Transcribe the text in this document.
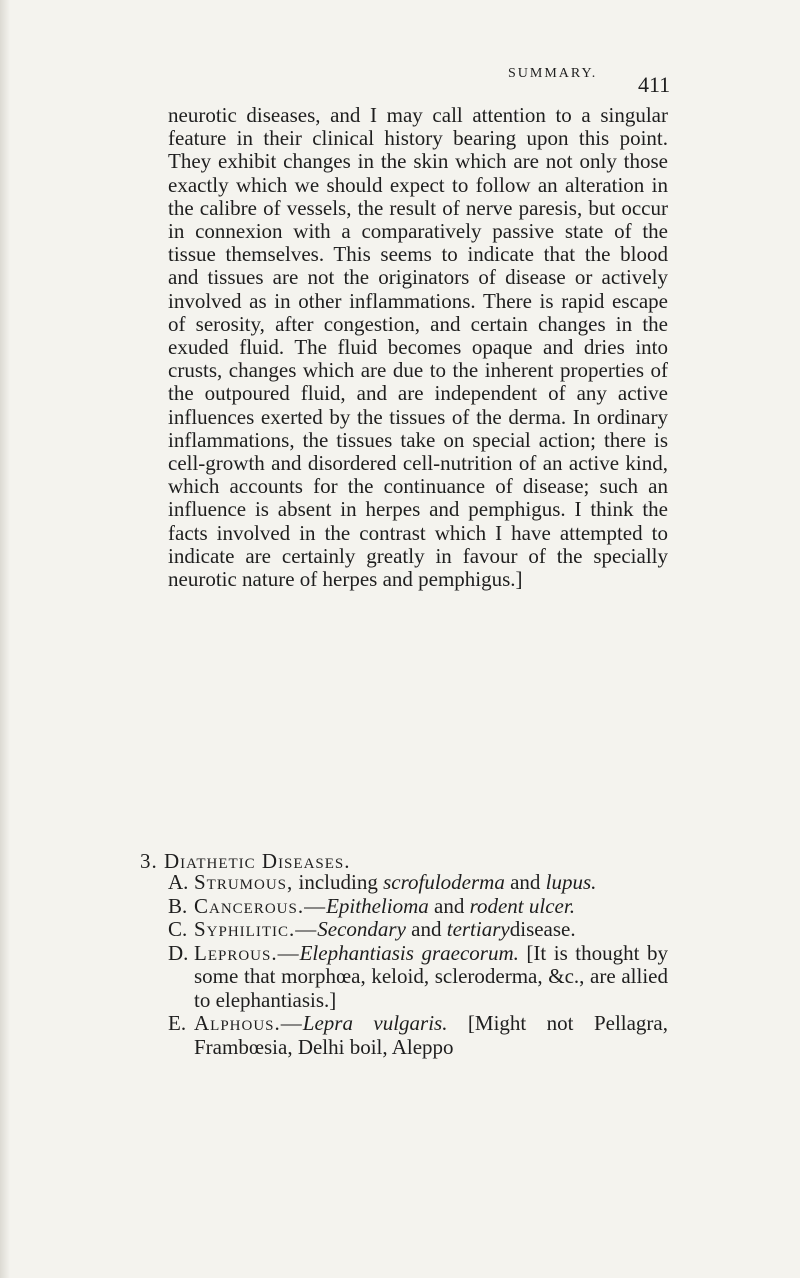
SUMMARY. 411

neurotic diseases, and I may call attention to a singular feature in their clinical history bearing upon this point. They exhibit changes in the skin which are not only those exactly which we should expect to follow an alteration in the calibre of vessels, the result of nerve paresis, but occur in connexion with a comparatively passive state of the tissue themselves. This seems to indicate that the blood and tissues are not the originators of disease or actively involved as in other inflammations. There is rapid escape of serosity, after congestion, and certain changes in the exuded fluid. The fluid becomes opaque and dries into crusts, changes which are due to the inherent properties of the outpoured fluid, and are independent of any active influences exerted by the tissues of the derma. In ordinary inflammations, the tissues take on special action; there is cell-growth and disordered cell-nutrition of an active kind, which accounts for the continuance of disease; such an influence is absent in herpes and pemphigus. I think the facts involved in the contrast which I have attempted to indicate are certainly greatly in favour of the specially neurotic nature of herpes and pemphigus.]

3. Diathetic Diseases.
A. Strumous, including scrofuloderma and lupus.
B. Cancerous.—Epithelioma and rodent ulcer.
C. Syphilitic.—Secondary and tertiarydisease.
D. Leprous.—Elephantiasis graecorum. [It is thought by some that morphœa, keloid, scleroderma, &c., are allied to elephantiasis.]
E. Alphous.—Lepra vulgaris. [Might not Pellagra, Frambœsia, Delhi boil, Aleppo
